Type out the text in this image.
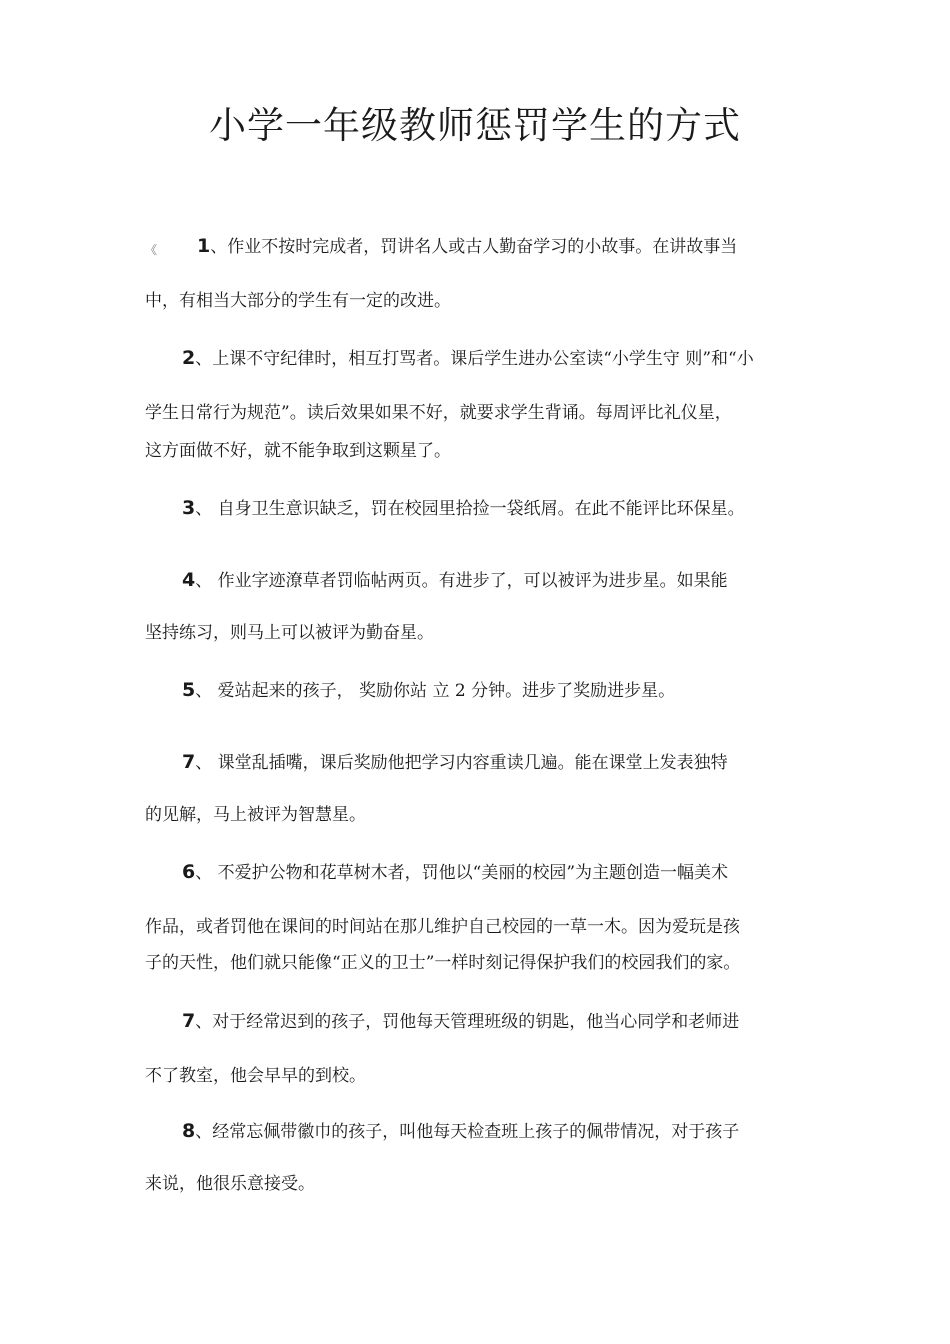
小学一年级教师惩罚学生的方式
《 1、作业不按时完成者，罚讲名人或古人勤奋学习的小故事。在讲故事当
中，有相当大部分的学生有一定的改进。
2、上课不守纪律时，相互打骂者。课后学生进办公室读“小学生守 则”和“小
学生日常行为规范”。读后效果如果不好，就要求学生背诵。每周评比礼仪星，
这方面做不好，就不能争取到这颗星了。
3、 自身卫生意识缺乏，罚在校园里拾捡一袋纸屑。在此不能评比环保星。
4、 作业字迹潦草者罚临帖两页。有进步了，可以被评为进步星。如果能
坚持练习，则马上可以被评为勤奋星。
5、 爱站起来的孩子， 奖励你站 立 2 分钟。进步了奖励进步星。
7、 课堂乱插嘴，课后奖励他把学习内容重读几遍。能在课堂上发表独特
的见解，马上被评为智慧星。
6、 不爱护公物和花草树木者，罚他以“美丽的校园”为主题创造一幅美术
作品，或者罚他在课间的时间站在那儿维护自己校园的一草一木。因为爱玩是孩
子的天性，他们就只能像“正义的卫士”一样时刻记得保护我们的校园我们的家。
7、对于经常迟到的孩子，罚他每天管理班级的钥匙，他当心同学和老师进
不了教室，他会早早的到校。
8、经常忘佩带徽巾的孩子，叫他每天检查班上孩子的佩带情况，对于孩子
来说，他很乐意接受。
